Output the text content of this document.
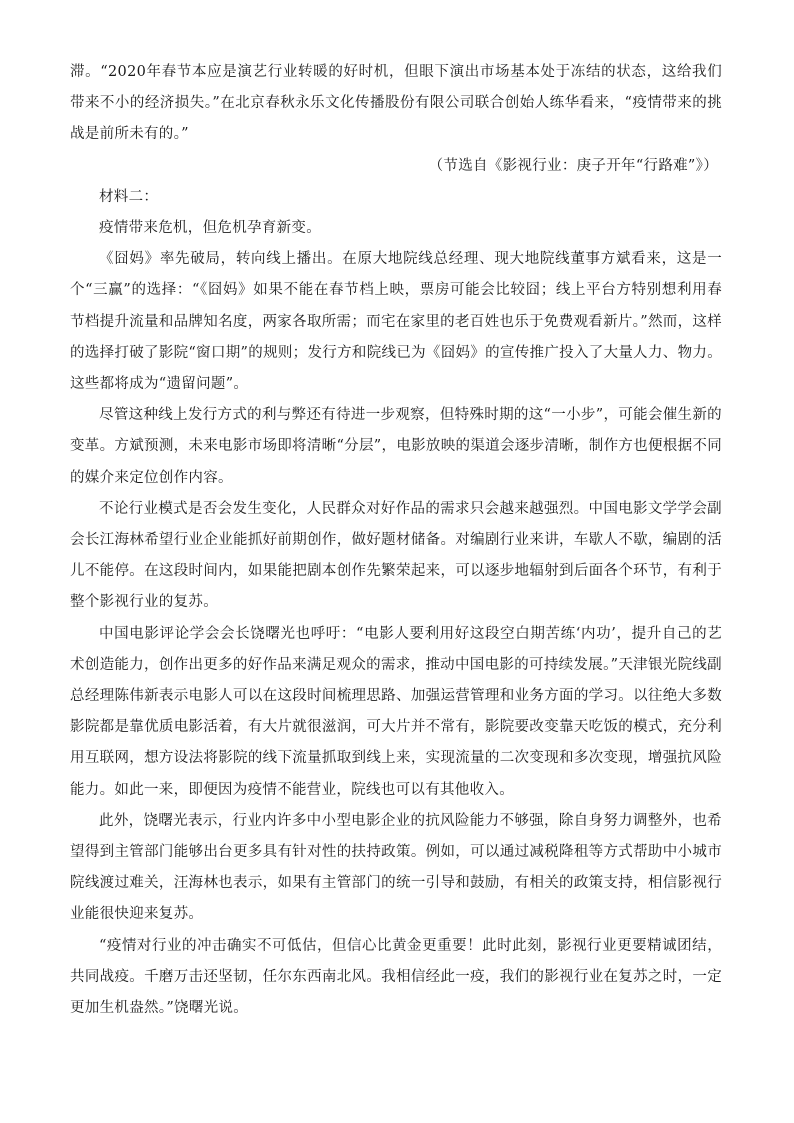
滞。“2020年春节本应是演艺行业转暖的好时机，但眼下演出市场基本处于冻结的状态，这给我们带来不小的经济损失。”在北京春秋永乐文化传播股份有限公司联合创始人练华看来，“疫情带来的挑战是前所未有的。”

（节选自《影视行业：庚子开年“行路难”》）

材料二：

疫情带来危机，但危机孕育新变。

《囧妈》率先破局，转向线上播出。在原大地院线总经理、现大地院线董事方斌看来，这是一个“三赢”的选择：“《囧妈》如果不能在春节档上映，票房可能会比较囧；线上平台方特别想利用春节档提升流量和品牌知名度，两家各取所需；而宅在家里的老百姓也乐于免费观看新片。”然而，这样的选择打破了影院“窗口期”的规则；发行方和院线已为《囧妈》的宣传推广投入了大量人力、物力。这些都将成为“遗留问题”。

尽管这种线上发行方式的利与弊还有待进一步观察，但特殊时期的这“一小步”，可能会催生新的变革。方斌预测，未来电影市场即将清晰“分层”，电影放映的渠道会逐步清晰，制作方也便根据不同的媒介来定位创作内容。

不论行业模式是否会发生变化，人民群众对好作品的需求只会越来越强烈。中国电影文学学会副会长江海林希望行业企业能抓好前期创作，做好题材储备。对编剧行业来讲，车歇人不歇，编剧的活儿不能停。在这段时间内，如果能把剧本创作先繁荣起来，可以逐步地辐射到后面各个环节，有利于整个影视行业的复苏。

中国电影评论学会会长饶曙光也呼吁：“电影人要利用好这段空白期苦练‘内功’，提升自己的艺术创造能力，创作出更多的好作品来满足观众的需求，推动中国电影的可持续发展。”天津银光院线副总经理陈伟新表示电影人可以在这段时间梳理思路、加强运营管理和业务方面的学习。以往绝大多数影院都是靠优质电影活着，有大片就很滋润，可大片并不常有，影院要改变靠天吃饭的模式，充分利用互联网，想方设法将影院的线下流量抓取到线上来，实现流量的二次变现和多次变现，增强抗风险能力。如此一来，即便因为疫情不能营业，院线也可以有其他收入。

此外，饶曙光表示，行业内许多中小型电影企业的抗风险能力不够强，除自身努力调整外，也希望得到主管部门能够出台更多具有针对性的扶持政策。例如，可以通过减税降租等方式帮助中小城市院线渡过难关，汪海林也表示，如果有主管部门的统一引导和鼓励，有相关的政策支持，相信影视行业能很快迎来复苏。

“疫情对行业的冲击确实不可低估，但信心比黄金更重要！此时此刻，影视行业更要精诚团结，共同战疫。千磨万击还坚韧，任尔东西南北风。我相信经此一疫，我们的影视行业在复苏之时，一定更加生机盎然。”饶曙光说。
